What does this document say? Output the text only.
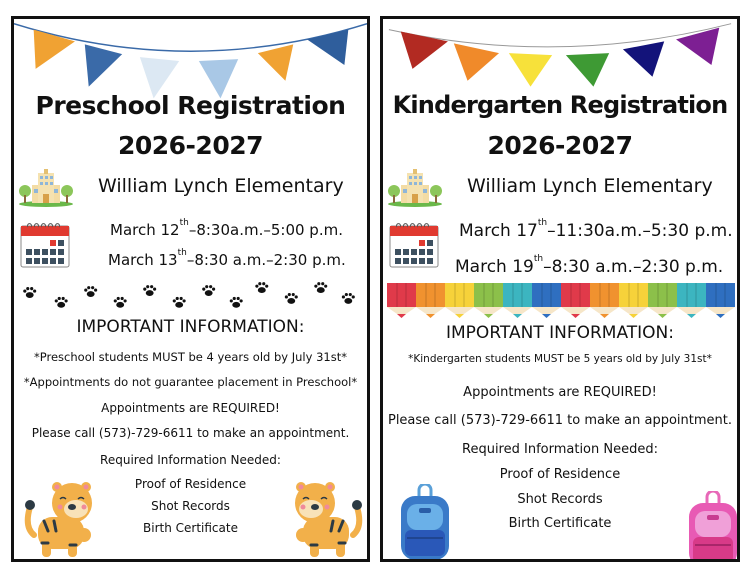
Preschool Registration
2026-2027
William Lynch Elementary
March 12th–8:30a.m.–5:00 p.m.
March 13th–8:30 a.m.–2:30 p.m.
IMPORTANT INFORMATION:
*Preschool students MUST be 4 years old by July 31st*
*Appointments do not guarantee placement in Preschool*
Appointments are REQUIRED!
Please call (573)-729-6611 to make an appointment.
Required Information Needed:
Proof of Residence
Shot Records
Birth Certificate
Kindergarten Registration
2026-2027
William Lynch Elementary
March 17th–11:30a.m.–5:30 p.m.
March 19th–8:30 a.m.–2:30 p.m.
IMPORTANT INFORMATION:
*Kindergarten students MUST be 5 years old by July 31st*
Appointments are REQUIRED!
Please call (573)-729-6611 to make an appointment.
Required Information Needed:
Proof of Residence
Shot Records
Birth Certificate
